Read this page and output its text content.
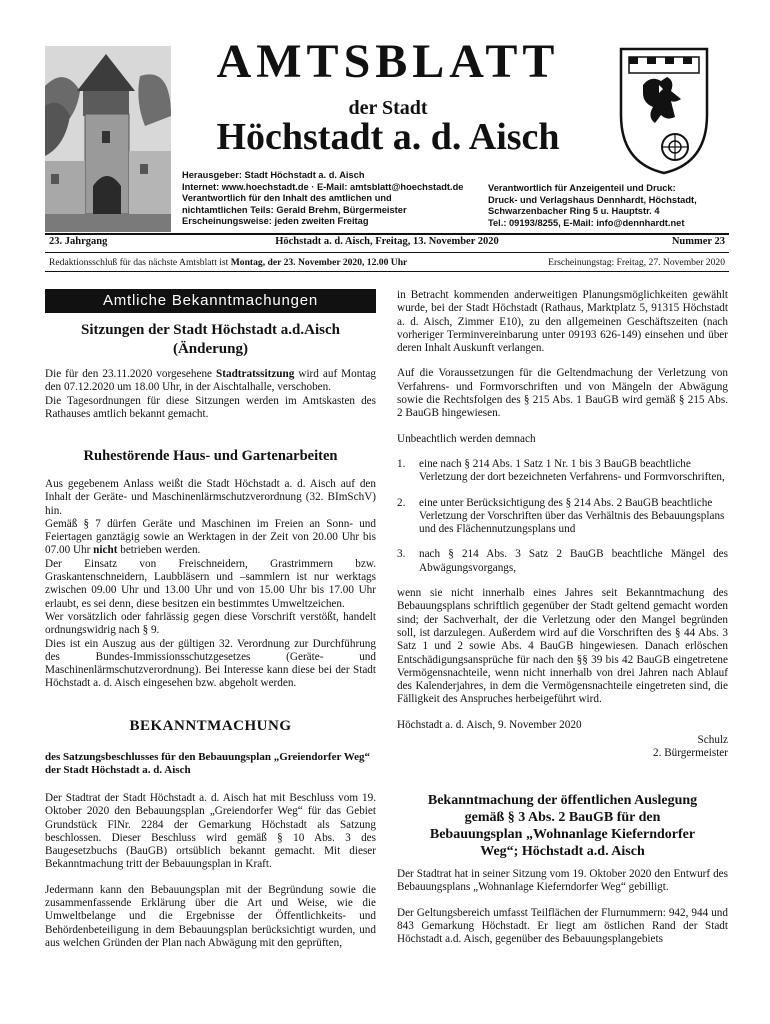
AMTSBLATT
der Stadt
Höchstadt a. d. Aisch
Herausgeber: Stadt Höchstadt a. d. Aisch
Internet: www.hoechstadt.de · E-Mail: amtsblatt@hoechstadt.de
Verantwortlich für den Inhalt des amtlichen und
nichtamtlichen Teils: Gerald Brehm, Bürgermeister
Erscheinungsweise: jeden zweiten Freitag
Verantwortlich für Anzeigenteil und Druck:
Druck- und Verlagshaus Dennhardt, Höchstadt,
Schwarzenbacher Ring 5 u. Hauptstr. 4
Tel.: 09193/8255, E-Mail: info@dennhardt.net
Höchstadt a. d. Aisch, Freitag, 13. November 2020
23. Jahrgang	Nummer 23
Redaktionsschluß für das nächste Amtsblatt ist Montag, der 23. November 2020, 12.00 Uhr	Erscheinungstag: Freitag, 27. November 2020
Amtliche Bekanntmachungen
Sitzungen der Stadt Höchstadt a.d.Aisch
(Änderung)

Die für den 23.11.2020 vorgesehene Stadtratssitzung wird auf Montag den 07.12.2020 um 18.00 Uhr, in der Aischtalhalle, verschoben.

Die Tagesordnungen für diese Sitzungen werden im Amtskasten des Rathauses amtlich bekannt gemacht.

Ruhestörende Haus- und Gartenarbeiten

Aus gegebenem Anlass weißt die Stadt Höchstadt a. d. Aisch auf den Inhalt der Geräte- und Maschinenlärmschutzverordnung (32. BImSchV) hin.

Gemäß § 7 dürfen Geräte und Maschinen im Freien an Sonn- und Feiertagen ganztägig sowie an Werktagen in der Zeit von 20.00 Uhr bis 07.00 Uhr nicht betrieben werden.

Der Einsatz von Freischneidern, Grastrimmern bzw. Graskantenschneidern, Laubbläsern und –sammlern ist nur werktags zwischen 09.00 Uhr und 13.00 Uhr und von 15.00 Uhr bis 17.00 Uhr erlaubt, es sei denn, diese besitzen ein bestimmtes Umweltzeichen.

Wer vorsätzlich oder fahrlässig gegen diese Vorschrift verstößt, handelt ordnungswidrig nach § 9.

Dies ist ein Auszug aus der gültigen 32. Verordnung zur Durchführung des Bundes-Immissionsschutzgesetzes (Geräte- und Maschinenlärmschutzverordnung). Bei Interesse kann diese bei der Stadt Höchstadt a. d. Aisch eingesehen bzw. abgeholt werden.

BEKANNTMACHUNG

des Satzungsbeschlusses für den Bebauungsplan „Greiendorfer Weg“ der Stadt Höchstadt a. d. Aisch

Der Stadtrat der Stadt Höchstadt a. d. Aisch hat mit Beschluss vom 19. Oktober 2020 den Bebauungsplan „Greiendorfer Weg“ für das Gebiet Grundstück FlNr. 2284 der Gemarkung Höchstadt als Satzung beschlossen. Dieser Beschluss wird gemäß § 10 Abs. 3 des Baugesetzbuchs (BauGB) ortsüblich bekannt gemacht. Mit dieser Bekanntmachung tritt der Bebauungsplan in Kraft.

Jedermann kann den Bebauungsplan mit der Begründung sowie die zusammenfassende Erklärung über die Art und Weise, wie die Umweltbelange und die Ergebnisse der Öffentlichkeits- und Behördenbeteiligung in dem Bebauungsplan berücksichtigt wurden, und aus welchen Gründen der Plan nach Abwägung mit den geprüften,

in Betracht kommenden anderweitigen Planungsmöglichkeiten gewählt wurde, bei der Stadt Höchstadt (Rathaus, Marktplatz 5, 91315 Höchstadt a. d. Aisch, Zimmer E10), zu den allgemeinen Geschäftszeiten (nach vorheriger Terminvereinbarung unter 09193 626-149) einsehen und über deren Inhalt Auskunft verlangen.

Auf die Voraussetzungen für die Geltendmachung der Verletzung von Verfahrens- und Formvorschriften und von Mängeln der Abwägung sowie die Rechtsfolgen des § 215 Abs. 1 BauGB wird gemäß § 215 Abs. 2 BauGB hingewiesen.

Unbeachtlich werden demnach

1. eine nach § 214 Abs. 1 Satz 1 Nr. 1 bis 3 BauGB beachtliche Verletzung der dort bezeichneten Verfahrens- und Formvorschriften,

2. eine unter Berücksichtigung des § 214 Abs. 2 BauGB beachtliche Verletzung der Vorschriften über das Verhältnis des Bebauungsplans und des Flächennutzungsplans und

3. nach § 214 Abs. 3 Satz 2 BauGB beachtliche Mängel des Abwägungsvorgangs,

wenn sie nicht innerhalb eines Jahres seit Bekanntmachung des Bebauungsplans schriftlich gegenüber der Stadt geltend gemacht worden sind; der Sachverhalt, der die Verletzung oder den Mangel begründen soll, ist darzulegen. Außerdem wird auf die Vorschriften des § 44 Abs. 3 Satz 1 und 2 sowie Abs. 4 BauGB hingewiesen. Danach erlöschen Entschädigungsansprüche für nach den §§ 39 bis 42 BauGB eingetretene Vermögensnachteile, wenn nicht innerhalb von drei Jahren nach Ablauf des Kalenderjahres, in dem die Vermögensnachteile eingetreten sind, die Fälligkeit des Anspruches herbeigeführt wird.

Höchstadt a. d. Aisch, 9. November 2020

Schulz

2. Bürgermeister

Bekanntmachung der öffentlichen Auslegung
gemäß § 3 Abs. 2 BauGB für den
Bebauungsplan „Wohnanlage Kieferndorfer
Weg“; Höchstadt a.d. Aisch

Der Stadtrat hat in seiner Sitzung vom 19. Oktober 2020 den Entwurf des Bebauungsplans „Wohnanlage Kieferndorfer Weg“ gebilligt.

Der Geltungsbereich umfasst Teilflächen der Flurnummern: 942, 944 und 843 Gemarkung Höchstadt. Er liegt am östlichen Rand der Stadt Höchstadt a.d. Aisch, gegenüber des Bebauungsplangebiets
